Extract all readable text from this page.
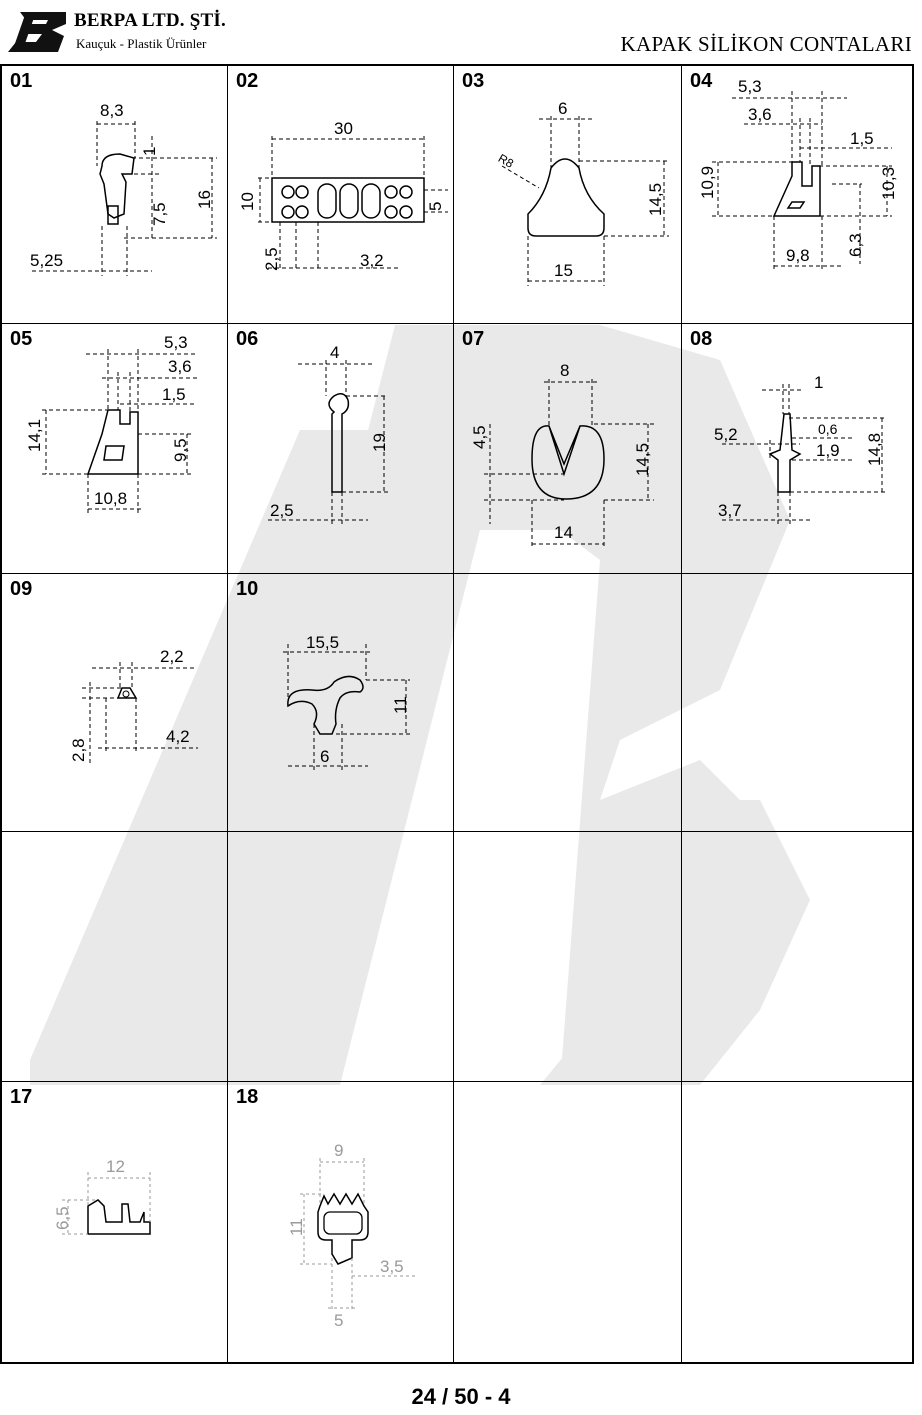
BERPA LTD. ŞTİ.
Kauçuk - Plastik Ürünler	KAPAK SİLİKON CONTALARI
01
8,3
1
16
7,5
5,25
02
30
10	5
2,5	3,2
03
6
R8
14,5
15
04 5,3
3,6
1,5
10,9	10,3
6,3
9,8
05	5,3
3,6
1,5
14,1	9,5
10,8
06
4
19
2,5
07
8
4,5
14,5
14
08
1
0,6
5,2
1,9 14,8
3,7
09
2,2
2,8
4,2
10
15,5
11
6
17
12
6,5
18
9
11
3,5
5
24 / 50 - 4
